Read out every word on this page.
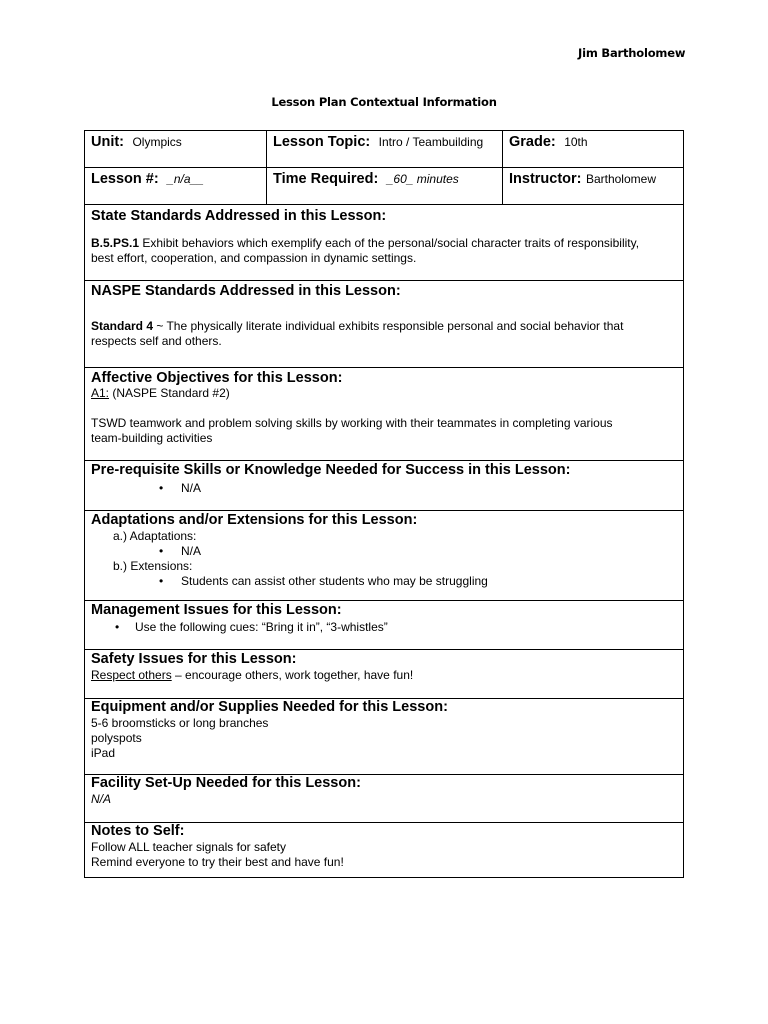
Jim Bartholomew
Lesson Plan Contextual Information
Unit: Olympics	Lesson Topic: Intro / Teambuilding Grade: 10th
Lesson #: _n/a__	Time Required: _60_ minutes	Instructor: Bartholomew
State Standards Addressed in this Lesson:
B.5.PS.1 Exhibit behaviors which exemplify each of the personal/social character traits of responsibility,
best effort, cooperation, and compassion in dynamic settings.
NASPE Standards Addressed in this Lesson:
Standard 4 ~ The physically literate individual exhibits responsible personal and social behavior that
respects self and others.
Affective Objectives for this Lesson:
A1: (NASPE Standard #2)
TSWD teamwork and problem solving skills by working with their teammates in completing various
team-building activities
Pre-requisite Skills or Knowledge Needed for Success in this Lesson:
• N/A
Adaptations and/or Extensions for this Lesson:
a.) Adaptations:
• N/A
b.) Extensions:
• Students can assist other students who may be struggling
Management Issues for this Lesson:
• Use the following cues: “Bring it in”, “3-whistles”
Safety Issues for this Lesson:
Respect others – encourage others, work together, have fun!
Equipment and/or Supplies Needed for this Lesson:
5-6 broomsticks or long branches
polyspots
iPad
Facility Set-Up Needed for this Lesson:
N/A
Notes to Self:
Follow ALL teacher signals for safety
Remind everyone to try their best and have fun!
